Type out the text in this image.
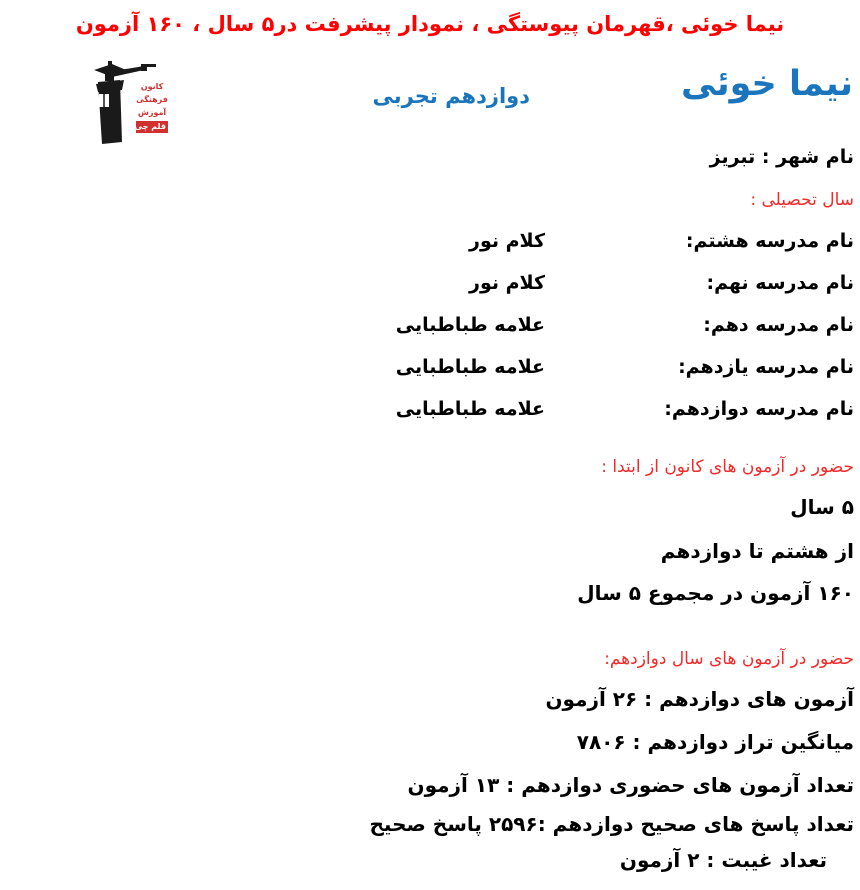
نیما خوئی ،قهرمان پیوستگی ، نمودار پیشرفت در۵ سال ، ۱۶۰ آزمون
کانون
فرهنگی
آموزش
قلم چی
نیما خوئی
دوازدهم تجربی
نام شهر : تبریز
سال تحصیلی :
نام مدرسه هشتم:
کلام نور
نام مدرسه نهم:
کلام نور
نام مدرسه دهم:
علامه طباطبایی
نام مدرسه یازدهم:
علامه طباطبایی
نام مدرسه دوازدهم:
علامه طباطبایی
حضور در آزمون های کانون از ابتدا :
۵ سال
از هشتم تا دوازدهم
۱۶۰ آزمون در مجموع ۵ سال
حضور در آزمون های سال دوازدهم:
آزمون های دوازدهم : ۲۶ آزمون
میانگین تراز دوازدهم : ۷۸۰۶
تعداد آزمون های حضوری دوازدهم : ۱۳ آزمون
تعداد پاسخ های صحیح دوازدهم :۲۵۹۶ پاسخ صحیح
تعداد غیبت : ۲ آزمون
